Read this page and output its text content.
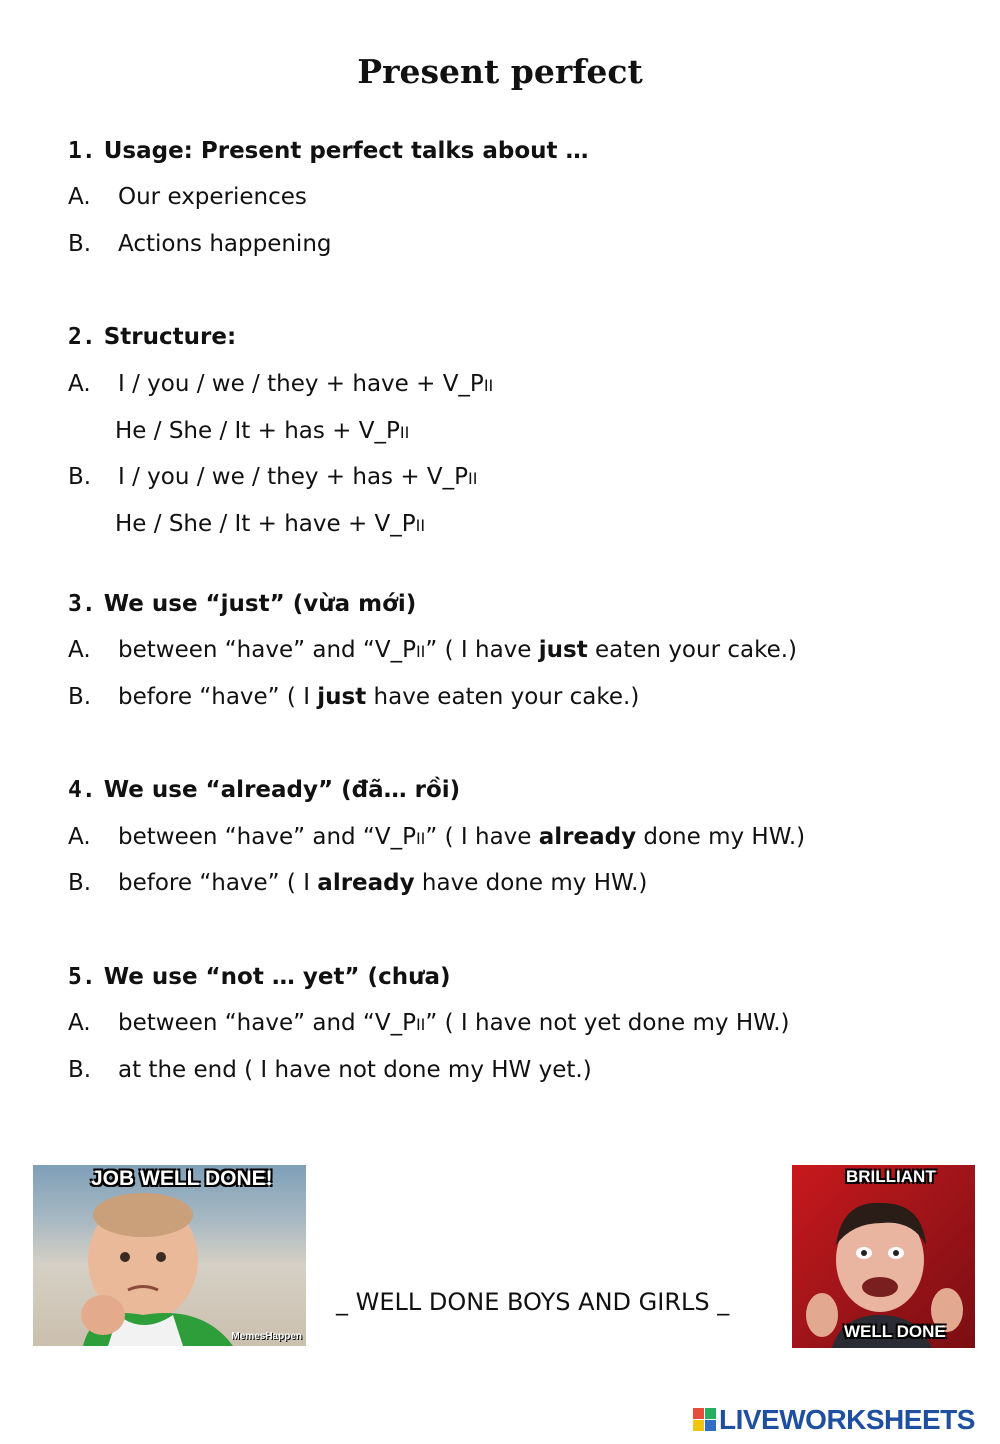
Present perfect
1. Usage: Present perfect talks about …
A. Our experiences
B. Actions happening
2. Structure:
A. I / you / we / they + have + V_PII
He / She / It + has + V_PII
B. I / you / we / they + has + V_PII
He / She / It + have + V_PII
3. We use “just” (vừa mới)
A. between “have” and “V_PII” ( I have just eaten your cake.)
B. before “have” ( I just have eaten your cake.)
4. We use “already” (đã… rồi)
A. between “have” and “V_PII” ( I have already done my HW.)
B. before “have” ( I already have done my HW.)
5. We use “not … yet” (chưa)
A. between “have” and “V_PII” ( I have not yet done my HW.)
B. at the end ( I have not done my HW yet.)
JOB WELL DONE!
MemesHappen
_ WELL DONE BOYS AND GIRLS _
BRILLIANT
WELL DONE
LIVEWORKSHEETS
